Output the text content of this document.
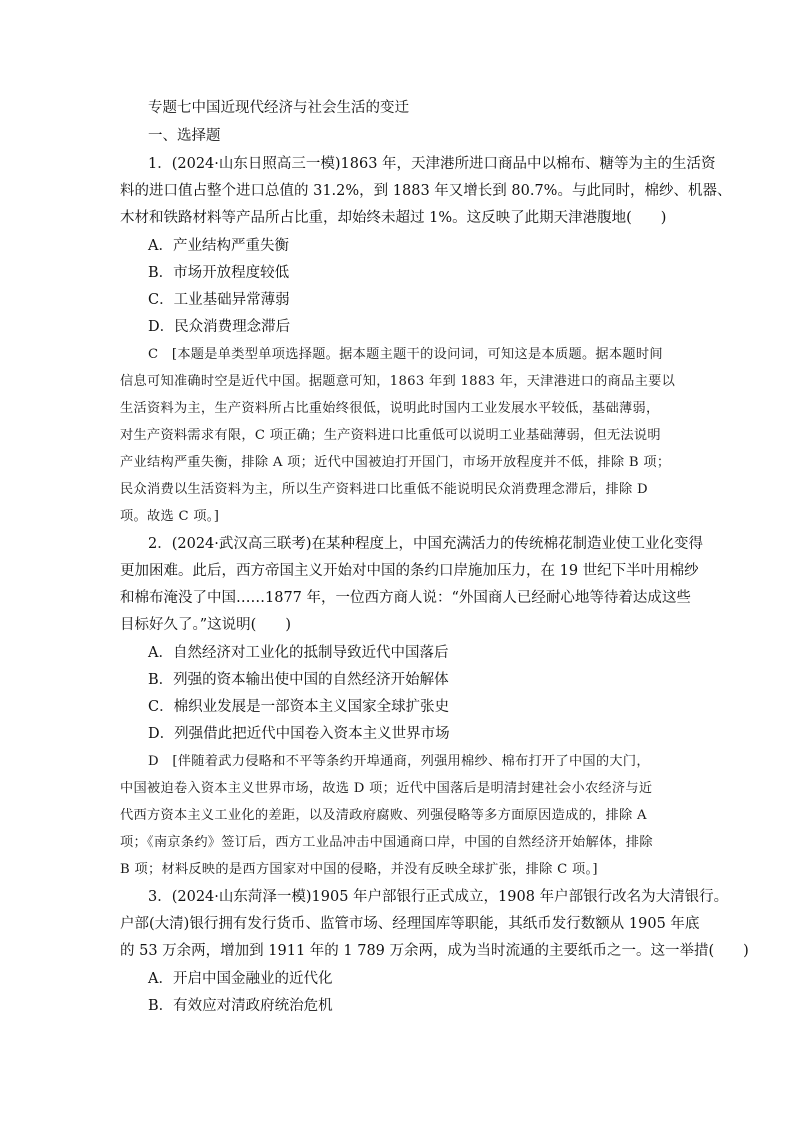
专题七中国近现代经济与社会生活的变迁
一、选择题
1．(2024·山东日照高三一模)1863 年，天津港所进口商品中以棉布、糖等为主的生活资
料的进口值占整个进口总值的 31.2%，到 1883 年又增长到 80.7%。与此同时，棉纱、机器、
木材和铁路材料等产品所占比重，却始终未超过 1%。这反映了此期天津港腹地(　　)
A．产业结构严重失衡
B．市场开放程度较低
C．工业基础异常薄弱
D．民众消费理念滞后
C　[本题是单类型单项选择题。据本题主题干的设问词，可知这是本质题。据本题时间
信息可知准确时空是近代中国。据题意可知，1863 年到 1883 年，天津港进口的商品主要以
生活资料为主，生产资料所占比重始终很低，说明此时国内工业发展水平较低，基础薄弱，
对生产资料需求有限，C 项正确；生产资料进口比重低可以说明工业基础薄弱，但无法说明
产业结构严重失衡，排除 A 项；近代中国被迫打开国门，市场开放程度并不低，排除 B 项；
民众消费以生活资料为主，所以生产资料进口比重低不能说明民众消费理念滞后，排除 D
项。故选 C 项。]
2．(2024·武汉高三联考)在某种程度上，中国充满活力的传统棉花制造业使工业化变得
更加困难。此后，西方帝国主义开始对中国的条约口岸施加压力，在 19 世纪下半叶用棉纱
和棉布淹没了中国……1877 年，一位西方商人说：“外国商人已经耐心地等待着达成这些
目标好久了。”这说明(　　)
A．自然经济对工业化的抵制导致近代中国落后
B．列强的资本输出使中国的自然经济开始解体
C．棉织业发展是一部资本主义国家全球扩张史
D．列强借此把近代中国卷入资本主义世界市场
D　[伴随着武力侵略和不平等条约开埠通商，列强用棉纱、棉布打开了中国的大门，
中国被迫卷入资本主义世界市场，故选 D 项；近代中国落后是明清封建社会小农经济与近
代西方资本主义工业化的差距，以及清政府腐败、列强侵略等多方面原因造成的，排除 A
项；《南京条约》签订后，西方工业品冲击中国通商口岸，中国的自然经济开始解体，排除
B 项；材料反映的是西方国家对中国的侵略，并没有反映全球扩张，排除 C 项。]
3．(2024·山东菏泽一模)1905 年户部银行正式成立，1908 年户部银行改名为大清银行。
户部(大清)银行拥有发行货币、监管市场、经理国库等职能，其纸币发行数额从 1905 年底
的 53 万余两，增加到 1911 年的 1 789 万余两，成为当时流通的主要纸币之一。这一举措(　　)
A．开启中国金融业的近代化
B．有效应对清政府统治危机
